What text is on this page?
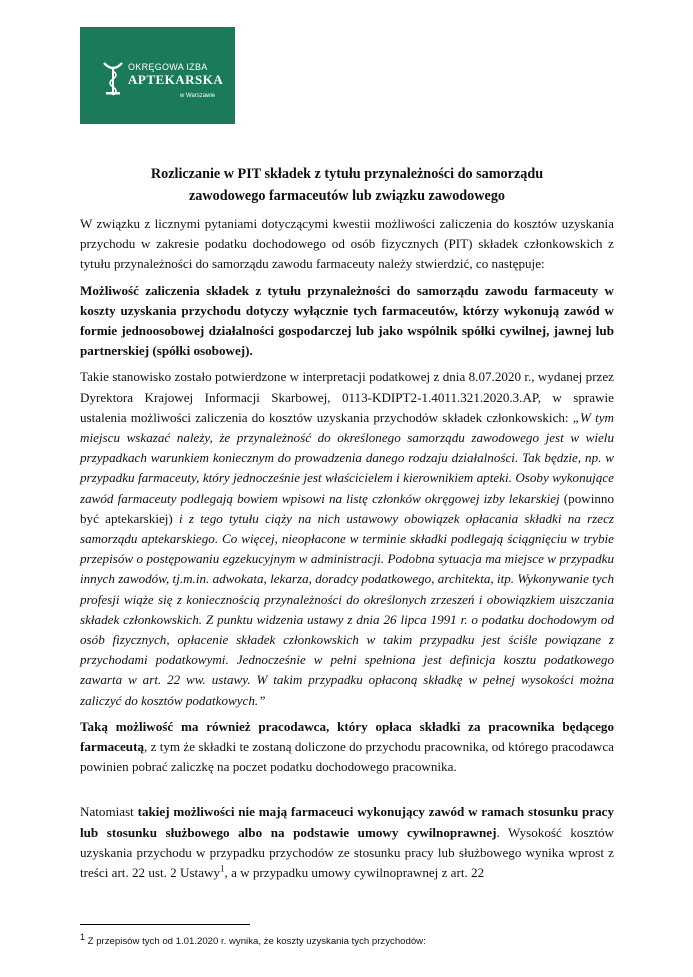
OKRĘGOWA IZBA
APTEKARSKA
w Warszawie
Rozliczanie w PIT składek z tytułu przynależności do samorządu
zawodowego farmaceutów lub związku zawodowego

W związku z licznymi pytaniami dotyczącymi kwestii możliwości zaliczenia do kosztów uzyskania przychodu w zakresie podatku dochodowego od osób fizycznych (PIT) składek członkowskich z tytułu przynależności do samorządu zawodu farmaceuty należy stwierdzić, co następuje:

Możliwość zaliczenia składek z tytułu przynależności do samorządu zawodu farmaceuty w koszty uzyskania przychodu dotyczy wyłącznie tych farmaceutów, którzy wykonują zawód w formie jednoosobowej działalności gospodarczej lub jako wspólnik spółki cywilnej, jawnej lub partnerskiej (spółki osobowej).

Takie stanowisko zostało potwierdzone w interpretacji podatkowej z dnia 8.07.2020 r., wydanej przez Dyrektora Krajowej Informacji Skarbowej, 0113-KDIPT2-1.4011.321.2020.3.AP, w sprawie ustalenia możliwości zaliczenia do kosztów uzyskania przychodów składek członkowskich: „W tym miejscu wskazać należy, że przynależność do określonego samorządu zawodowego jest w wielu przypadkach warunkiem koniecznym do prowadzenia danego rodzaju działalności. Tak będzie, np. w przypadku farmaceuty, który jednocześnie jest właścicielem i kierownikiem apteki. Osoby wykonujące zawód farmaceuty podlegają bowiem wpisowi na listę członków okręgowej izby lekarskiej (powinno być aptekarskiej) i z tego tytułu ciąży na nich ustawowy obowiązek opłacania składki na rzecz samorządu aptekarskiego. Co więcej, nieopłacone w terminie składki podlegają ściągnięciu w trybie przepisów o postępowaniu egzekucyjnym w administracji. Podobna sytuacja ma miejsce w przypadku innych zawodów, tj.m.in. adwokata, lekarza, doradcy podatkowego, architekta, itp. Wykonywanie tych profesji wiąże się z koniecznością przynależności do określonych zrzeszeń i obowiązkiem uiszczania składek członkowskich. Z punktu widzenia ustawy z dnia 26 lipca 1991 r. o podatku dochodowym od osób fizycznych, opłacenie składek członkowskich w takim przypadku jest ściśle powiązane z przychodami podatkowymi. Jednocześnie w pełni spełniona jest definicja kosztu podatkowego zawarta w art. 22 ww. ustawy. W takim przypadku opłaconą składkę w pełnej wysokości można zaliczyć do kosztów podatkowych.”

Taką możliwość ma również pracodawca, który opłaca składki za pracownika będącego farmaceutą, z tym że składki te zostaną doliczone do przychodu pracownika, od którego pracodawca powinien pobrać zaliczkę na poczet podatku dochodowego pracownika.

Natomiast takiej możliwości nie mają farmaceuci wykonujący zawód w ramach stosunku pracy lub stosunku służbowego albo na podstawie umowy cywilnoprawnej. Wysokość kosztów uzyskania przychodu w przypadku przychodów ze stosunku pracy lub służbowego wynika wprost z treści art. 22 ust. 2 Ustawy$^1$, a w przypadku umowy cywilnoprawnej z art. 22

1 Z przepisów tych od 1.01.2020 r. wynika, że koszty uzyskania tych przychodów:
